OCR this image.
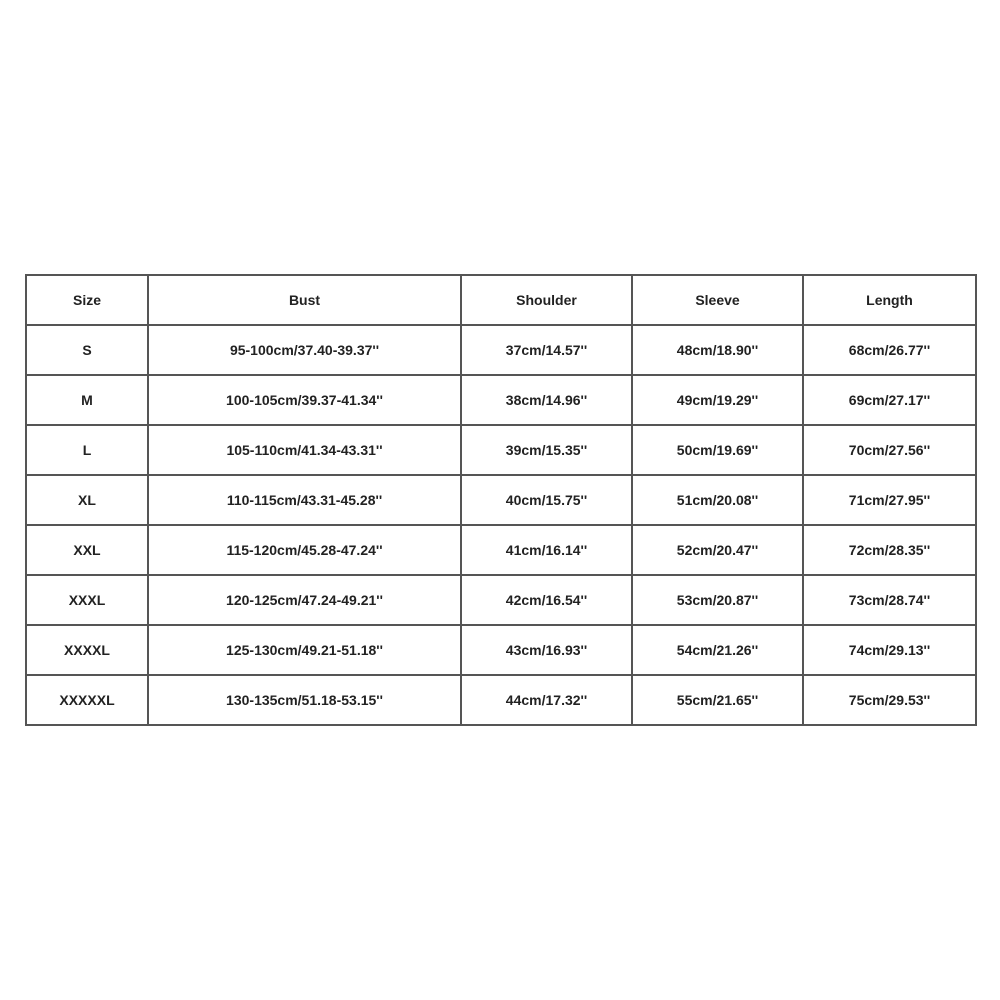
Size	Bust	Shoulder	Sleeve	Length
S	95-100cm/37.40-39.37''	37cm/14.57''	48cm/18.90''	68cm/26.77''
M	100-105cm/39.37-41.34''	38cm/14.96''	49cm/19.29''	69cm/27.17''
L	105-110cm/41.34-43.31''	39cm/15.35''	50cm/19.69''	70cm/27.56''
XL	110-115cm/43.31-45.28''	40cm/15.75''	51cm/20.08''	71cm/27.95''
XXL	115-120cm/45.28-47.24''	41cm/16.14''	52cm/20.47''	72cm/28.35''
XXXL	120-125cm/47.24-49.21''	42cm/16.54''	53cm/20.87''	73cm/28.74''
XXXXL	125-130cm/49.21-51.18''	43cm/16.93''	54cm/21.26''	74cm/29.13''
XXXXXL	130-135cm/51.18-53.15''	44cm/17.32''	55cm/21.65''	75cm/29.53''
